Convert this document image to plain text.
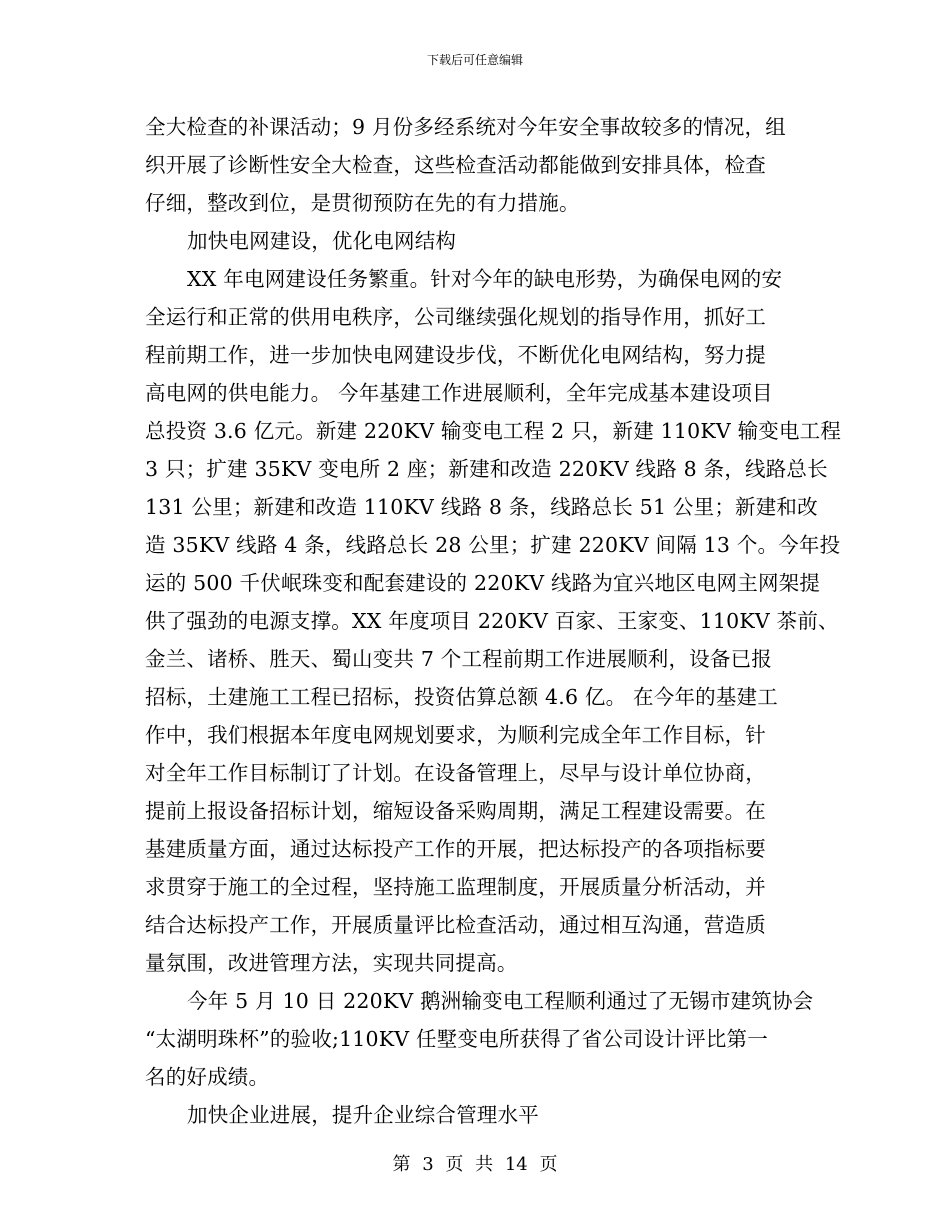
下载后可任意编辑
全大检查的补课活动；9 月份多经系统对今年安全事故较多的情况，组
织开展了诊断性安全大检查，这些检查活动都能做到安排具体，检查
仔细，整改到位，是贯彻预防在先的有力措施。
加快电网建设，优化电网结构
XX 年电网建设任务繁重。针对今年的缺电形势，为确保电网的安
全运行和正常的供用电秩序，公司继续强化规划的指导作用，抓好工
程前期工作，进一步加快电网建设步伐，不断优化电网结构，努力提
高电网的供电能力。 今年基建工作进展顺利，全年完成基本建设项目
总投资 3.6 亿元。新建 220KV 输变电工程 2 只，新建 110KV 输变电工程
3 只；扩建 35KV 变电所 2 座；新建和改造 220KV 线路 8 条，线路总长
131 公里；新建和改造 110KV 线路 8 条，线路总长 51 公里；新建和改
造 35KV 线路 4 条，线路总长 28 公里；扩建 220KV 间隔 13 个。今年投
运的 500 千伏岷珠变和配套建设的 220KV 线路为宜兴地区电网主网架提
供了强劲的电源支撑。XX 年度项目 220KV 百家、王家变、110KV 茶前、
金兰、诸桥、胜天、蜀山变共 7 个工程前期工作进展顺利，设备已报
招标，土建施工工程已招标，投资估算总额 4.6 亿。 在今年的基建工
作中，我们根据本年度电网规划要求，为顺利完成全年工作目标，针
对全年工作目标制订了计划。在设备管理上，尽早与设计单位协商，
提前上报设备招标计划，缩短设备采购周期，满足工程建设需要。在
基建质量方面，通过达标投产工作的开展，把达标投产的各项指标要
求贯穿于施工的全过程，坚持施工监理制度，开展质量分析活动，并
结合达标投产工作，开展质量评比检查活动，通过相互沟通，营造质
量氛围，改进管理方法，实现共同提高。
今年 5 月 10 日 220KV 鹅洲输变电工程顺利通过了无锡市建筑协会
“太湖明珠杯”的验收;110KV 任墅变电所获得了省公司设计评比第一
名的好成绩。
加快企业进展，提升企业综合管理水平
第 3 页 共 14 页
